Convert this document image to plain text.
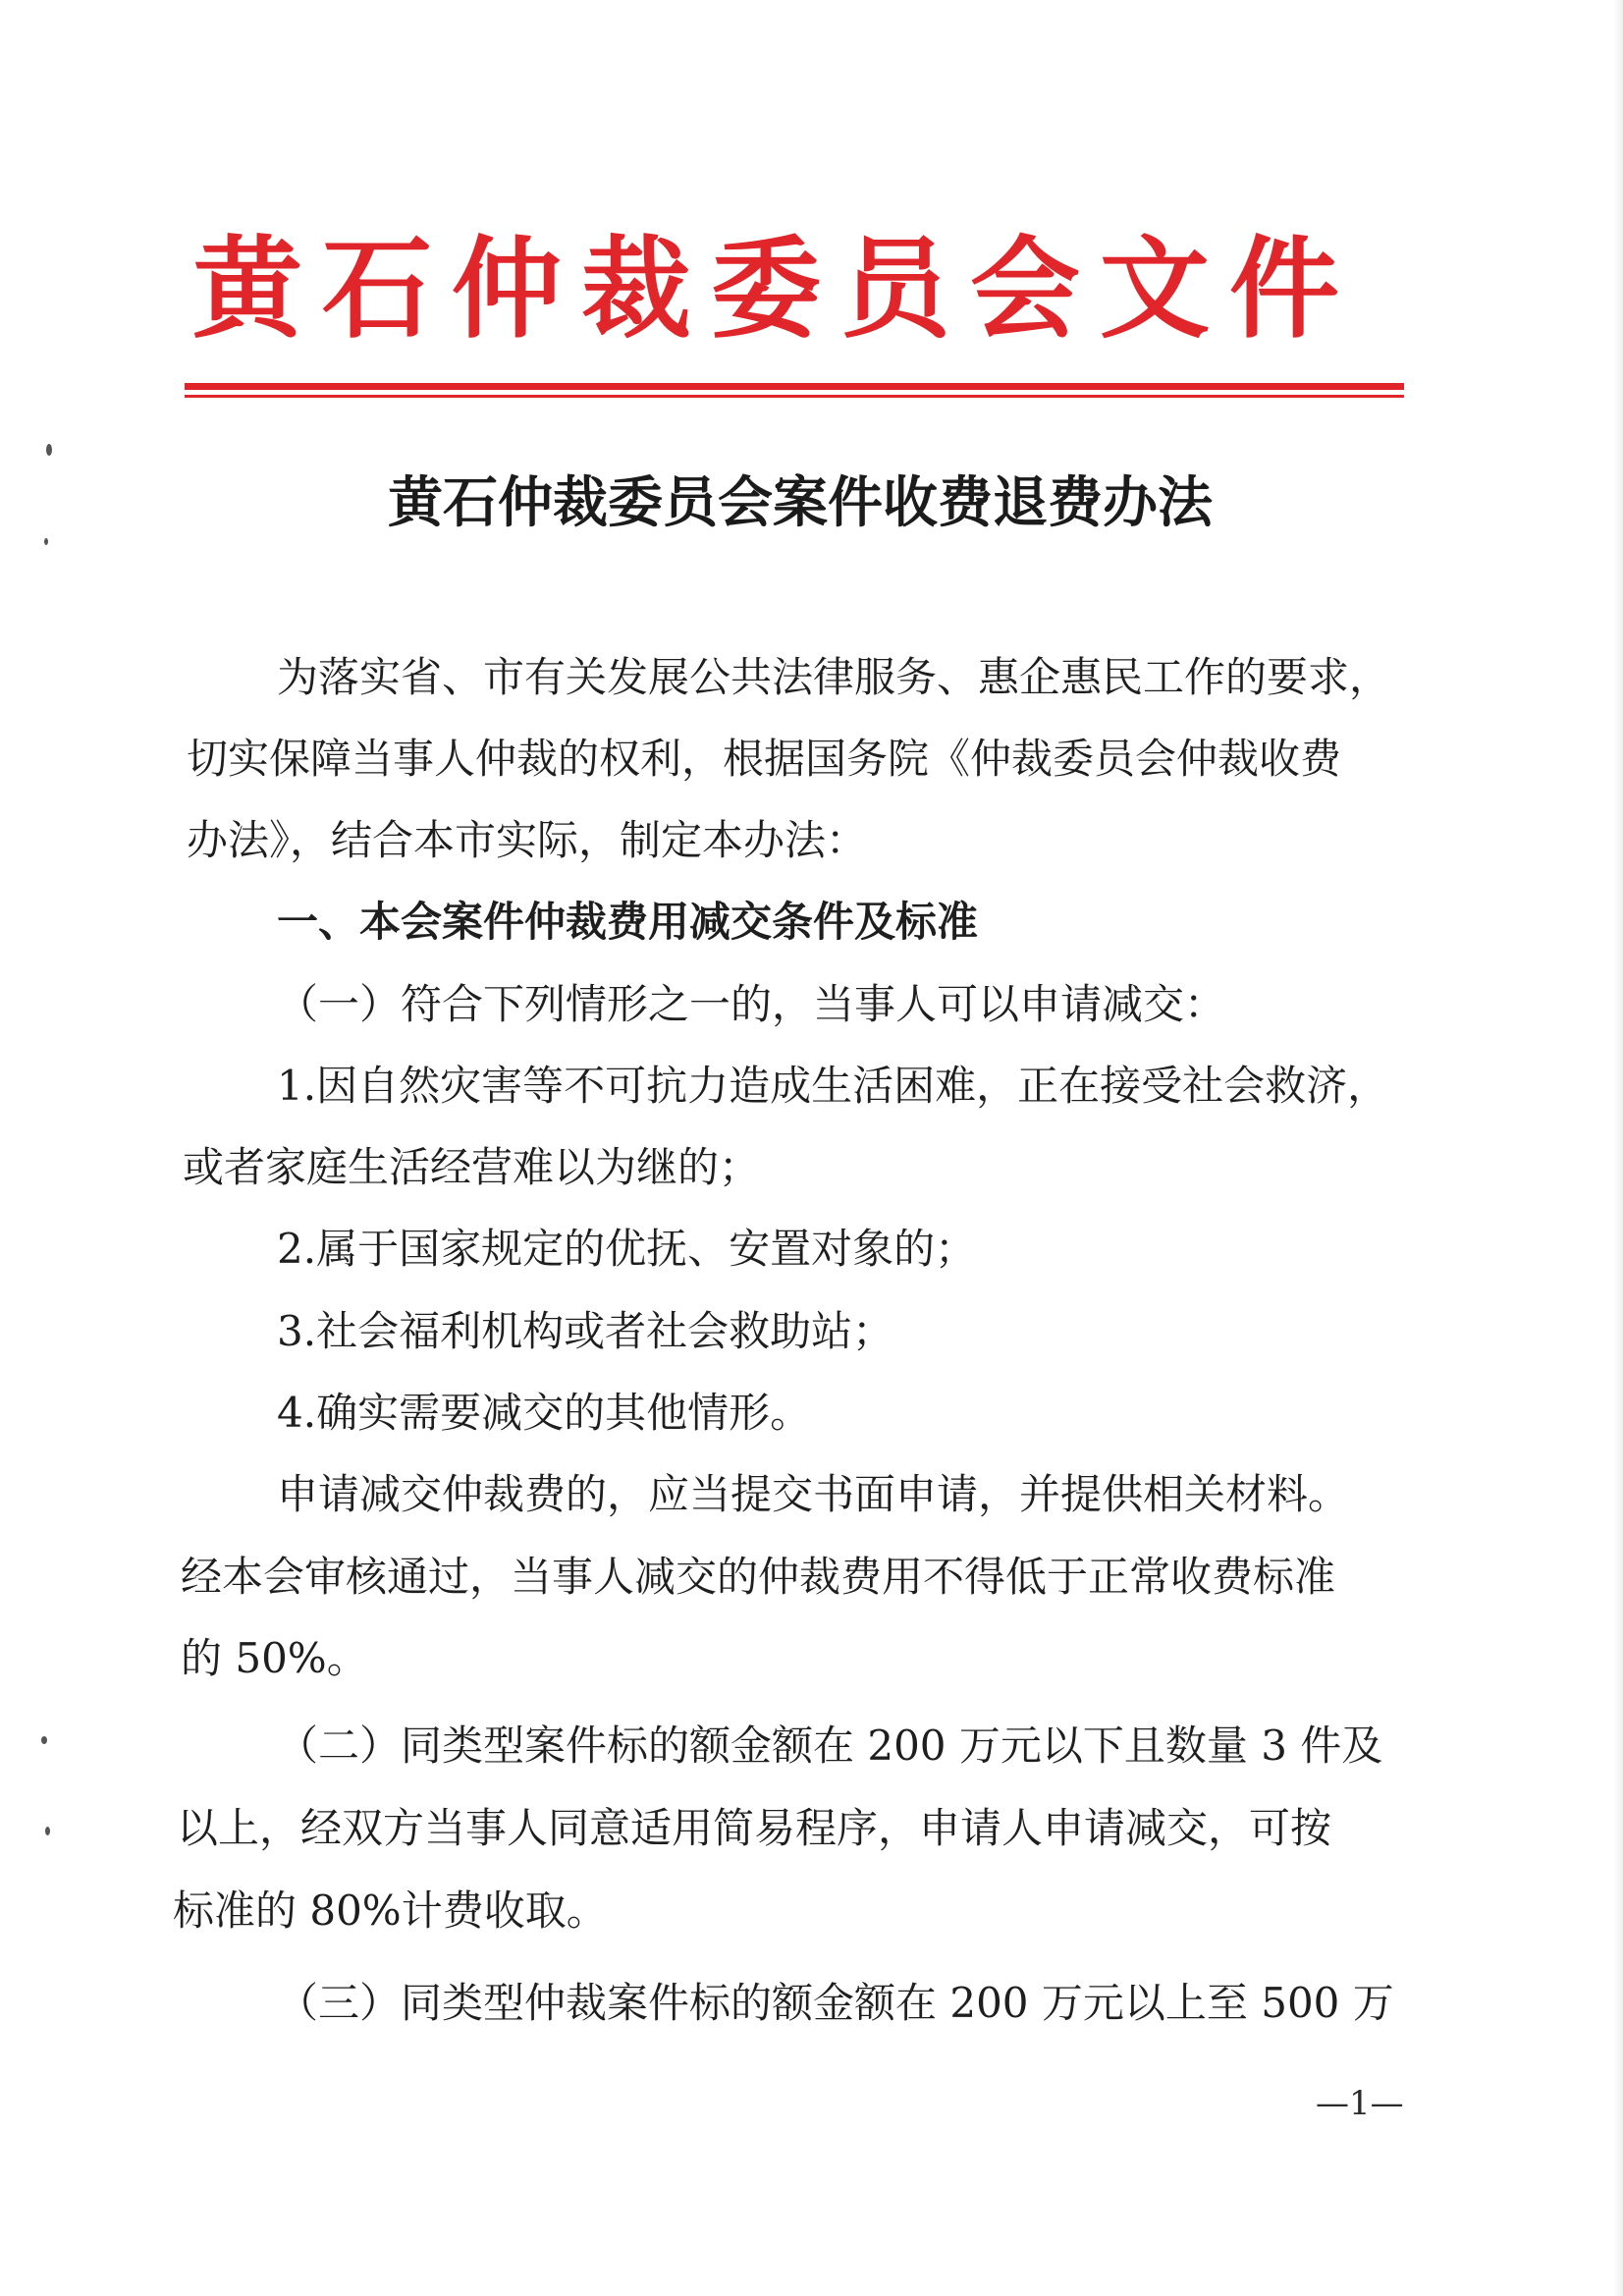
黄石仲裁委员会文件
黄石仲裁委员会案件收费退费办法
为落实省、市有关发展公共法律服务、惠企惠民工作的要求，
切实保障当事人仲裁的权利，根据国务院《仲裁委员会仲裁收费
办法》，结合本市实际，制定本办法：
一、本会案件仲裁费用减交条件及标准
（一）符合下列情形之一的，当事人可以申请减交：
1.因自然灾害等不可抗力造成生活困难，正在接受社会救济，
或者家庭生活经营难以为继的；
2.属于国家规定的优抚、安置对象的；
3.社会福利机构或者社会救助站；
4.确实需要减交的其他情形。
申请减交仲裁费的，应当提交书面申请，并提供相关材料。
经本会审核通过，当事人减交的仲裁费用不得低于正常收费标准
的 50%。
（二）同类型案件标的额金额在 200 万元以下且数量 3 件及
以上，经双方当事人同意适用简易程序，申请人申请减交，可按
标准的 80%计费收取。
（三）同类型仲裁案件标的额金额在 200 万元以上至 500 万
—1—
